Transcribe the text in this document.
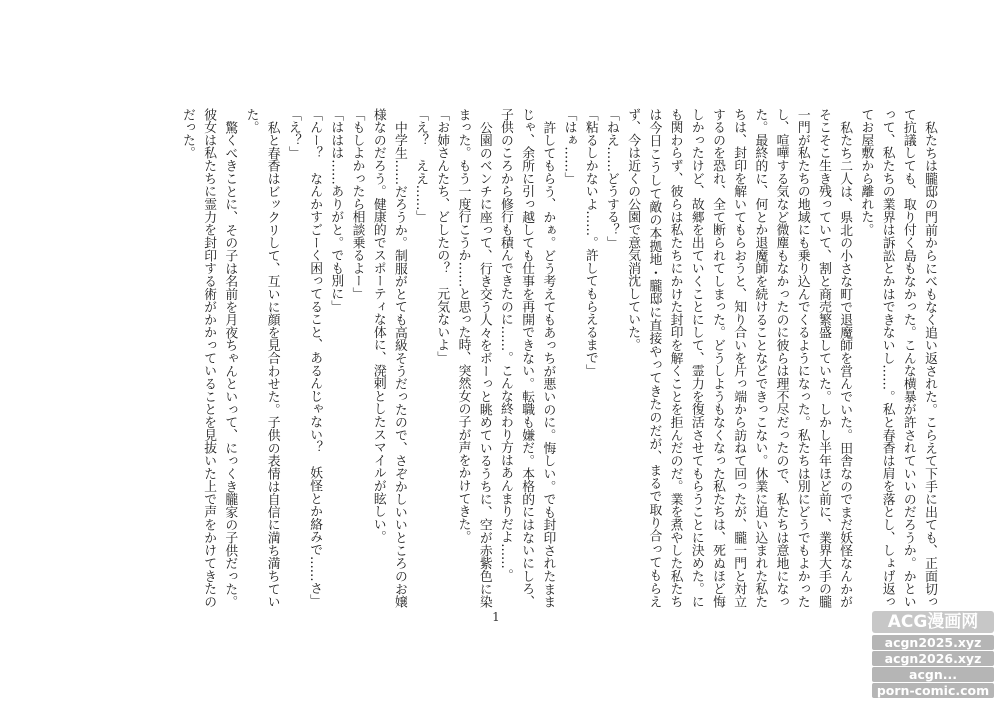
私たちは朧邸の門前からにべもなく追い返された。こらえて下手に出ても、正面切って抗議しても、取り付く島もなかった。こんな横暴が許されていいのだろうか。かといって、私たちの業界は訴訟とかはできないし……。私と春香は肩を落とし、しょげ返ってお屋敷から離れた。

私たち二人は、県北の小さな町で退魔師を営んでいた。田舎なのでまだ妖怪なんかがそこそこ生き残っていて、割と商売繁盛していた。しかし半年ほど前に、業界大手の朧一門が私たちの地域にも乗り込んでくるようになった。私たちは別にどうでもよかったし、喧嘩する気など微塵もなかったのに彼らは理不尽だったので、私たちは意地になった。最終的に、何とか退魔師を続けることなどできっこない。休業に追い込まれた私たちは、封印を解いてもらおうと、知り合いを片っ端から訪ねて回ったが、朧一門と対立するのを恐れ、全て断られてしまった。どうしようもなくなった私たちは、死ぬほど悔しかったけど、故郷を出ていくことにして、霊力を復活させてもらうことに決めた。にも関わらず、彼らは私たちにかけた封印を解くことを拒んだのだ。業を煮やした私たちは今日こうして敵の本拠地・朧邸に直接やってきたのだが、まるで取り合ってもらえず、今は近くの公園で意気消沈していた。

「ねえ……どうする？」

「粘るしかないよ……。許してもらえるまで」

「はぁ……」

許してもらう、かぁ。どう考えてもあっちが悪いのに。悔しい。でも封印されたままじゃ、余所に引っ越しても仕事を再開できない。転職も嫌だ。本格的にはないにしろ、子供のころから修行も積んできたのに……。こんな終わり方はあんまりだよ……。

公園のベンチに座って、行き交う人々をボーっと眺めているうちに、空が赤紫色に染まった。もう一度行こうか……と思った時、突然女の子が声をかけてきた。

「お姉さんたち、どしたの？　元気ないよ」

「え？　ええ……」

中学生……だろうか。制服がとても高級そうだったので、さぞかしいいところのお嬢様なのだろう。健康的でスポーティな体に、溌剌としたスマイルが眩しい。

「もしよかったら相談乗るよー」

「ははは……ありがと。でも別に」

「んー？　なんかすごーく困ってること、あるんじゃない？　妖怪とか絡みで……さ」

「え？」

私と春香はビックリして、互いに顔を見合わせた。子供の表情は自信に満ち満ちていた。

驚くべきことに、その子は名前を月夜ちゃんといって、にっくき朧家の子供だった。彼女は私たちに霊力を封印する術がかかっていることを見抜いた上で声をかけてきたのだった。

1	ACG漫画网
acgn2025.xyz
acgn2026.xyz
acgn...
porn-comic.com
